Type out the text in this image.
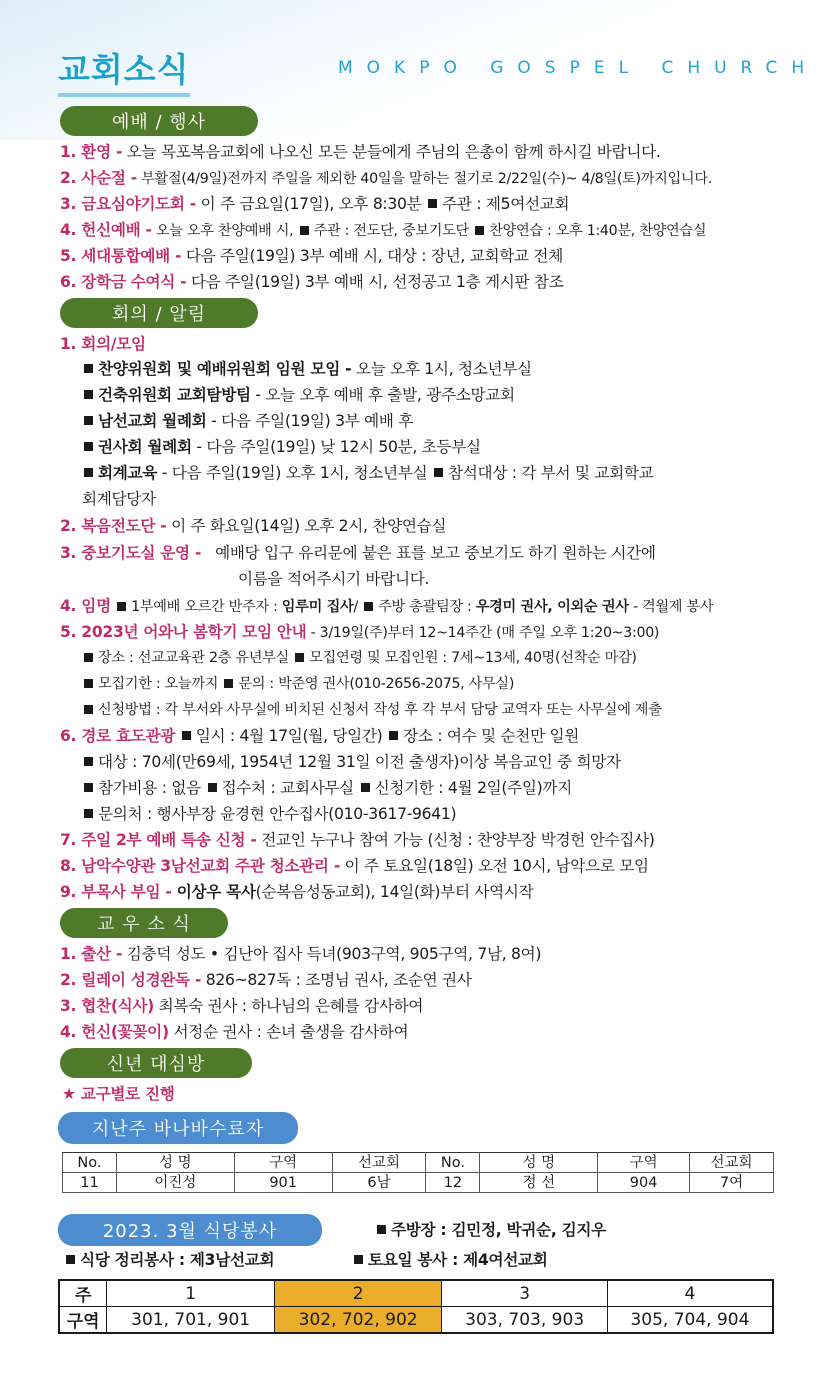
교회소식	MOKPO GOSPEL CHURCH
예배 / 행사
1. 환영 - 오늘 목포복음교회에 나오신 모든 분들에게 주님의 은총이 함께 하시길 바랍니다.
2. 사순절 - 부활절(4/9일)전까지 주일을 제외한 40일을 말하는 절기로 2/22일(수)~ 4/8일(토)까지입니다.
3. 금요심야기도회 - 이 주 금요일(17일), 오후 8:30분 주관 : 제5여선교회
4. 헌신예배 - 오늘 오후 찬양예배 시, 주관 : 전도단, 중보기도단 찬양연습 : 오후 1:40분, 찬양연습실
5. 세대통합예배 - 다음 주일(19일) 3부 예배 시, 대상 : 장년, 교회학교 전체
6. 장학금 수여식 - 다음 주일(19일) 3부 예배 시, 선정공고 1층 게시판 참조
회의 / 알림
1. 회의/모임
찬양위원회 및 예배위원회 임원 모임 - 오늘 오후 1시, 청소년부실
건축위원회 교회탐방팀 - 오늘 오후 예배 후 출발, 광주소망교회
남선교회 월례회 - 다음 주일(19일) 3부 예배 후
권사회 월례회 - 다음 주일(19일) 낮 12시 50분, 초등부실
회계교육 - 다음 주일(19일) 오후 1시, 청소년부실 참석대상 : 각 부서 및 교회학교
회계담당자
2. 복음전도단 - 이 주 화요일(14일) 오후 2시, 찬양연습실
3. 중보기도실 운영 - 예배당 입구 유리문에 붙은 표를 보고 중보기도 하기 원하는 시간에
이름을 적어주시기 바랍니다.
4. 임명 1부예배 오르간 반주자 : 임루미 집사/ 주방 총괄팀장 : 우경미 권사, 이외순 권사 - 격월제 봉사
5. 2023년 어와나 봄학기 모임 안내 - 3/19일(주)부터 12~14주간 (매 주일 오후 1:20~3:00)
장소 : 선교교육관 2층 유년부실 모집연령 및 모집인원 : 7세~13세, 40명(선착순 마감)
모집기한 : 오늘까지 문의 : 박준영 권사(010-2656-2075, 사무실)
신청방법 : 각 부서와 사무실에 비치된 신청서 작성 후 각 부서 담당 교역자 또는 사무실에 제출
6. 경로 효도관광 일시 : 4월 17일(월, 당일간) 장소 : 여수 및 순천만 일원
대상 : 70세(만69세, 1954년 12월 31일 이전 출생자)이상 복음교인 중 희망자
참가비용 : 없음 접수처 : 교회사무실 신청기한 : 4월 2일(주일)까지
문의처 : 행사부장 윤경현 안수집사(010-3617-9641)
7. 주일 2부 예배 특송 신청 - 전교인 누구나 참여 가능 (신청 : 찬양부장 박경헌 안수집사)
8. 남악수양관 3남선교회 주관 청소관리 - 이 주 토요일(18일) 오전 10시, 남악으로 모임
9. 부목사 부임 - 이상우 목사(순복음성동교회), 14일(화)부터 사역시작
교 우 소 식
1. 출산 - 김충덕 성도 • 김난아 집사 득녀(903구역, 905구역, 7남, 8여)
2. 릴레이 성경완독 - 826~827독 : 조명님 권사, 조순연 권사
3. 협찬(식사) 최복숙 권사 : 하나님의 은혜를 감사하여
4. 헌신(꽃꽂이) 서정순 권사 : 손녀 출생을 감사하여
신년 대심방
★ 교구별로 진행
지난주 바나바수료자
No.	성 명	구역	선교회	No.	성 명	구역	선교회
11	이진성	901	6남	12	정 선	904	7여
2023. 3월 식당봉사	주방장 : 김민정, 박귀순, 김지우
식당 정리봉사 : 제3남선교회	토요일 봉사 : 제4여선교회
주	1	2	3	4
구역	301, 701, 901	302, 702, 902	303, 703, 903	305, 704, 904
